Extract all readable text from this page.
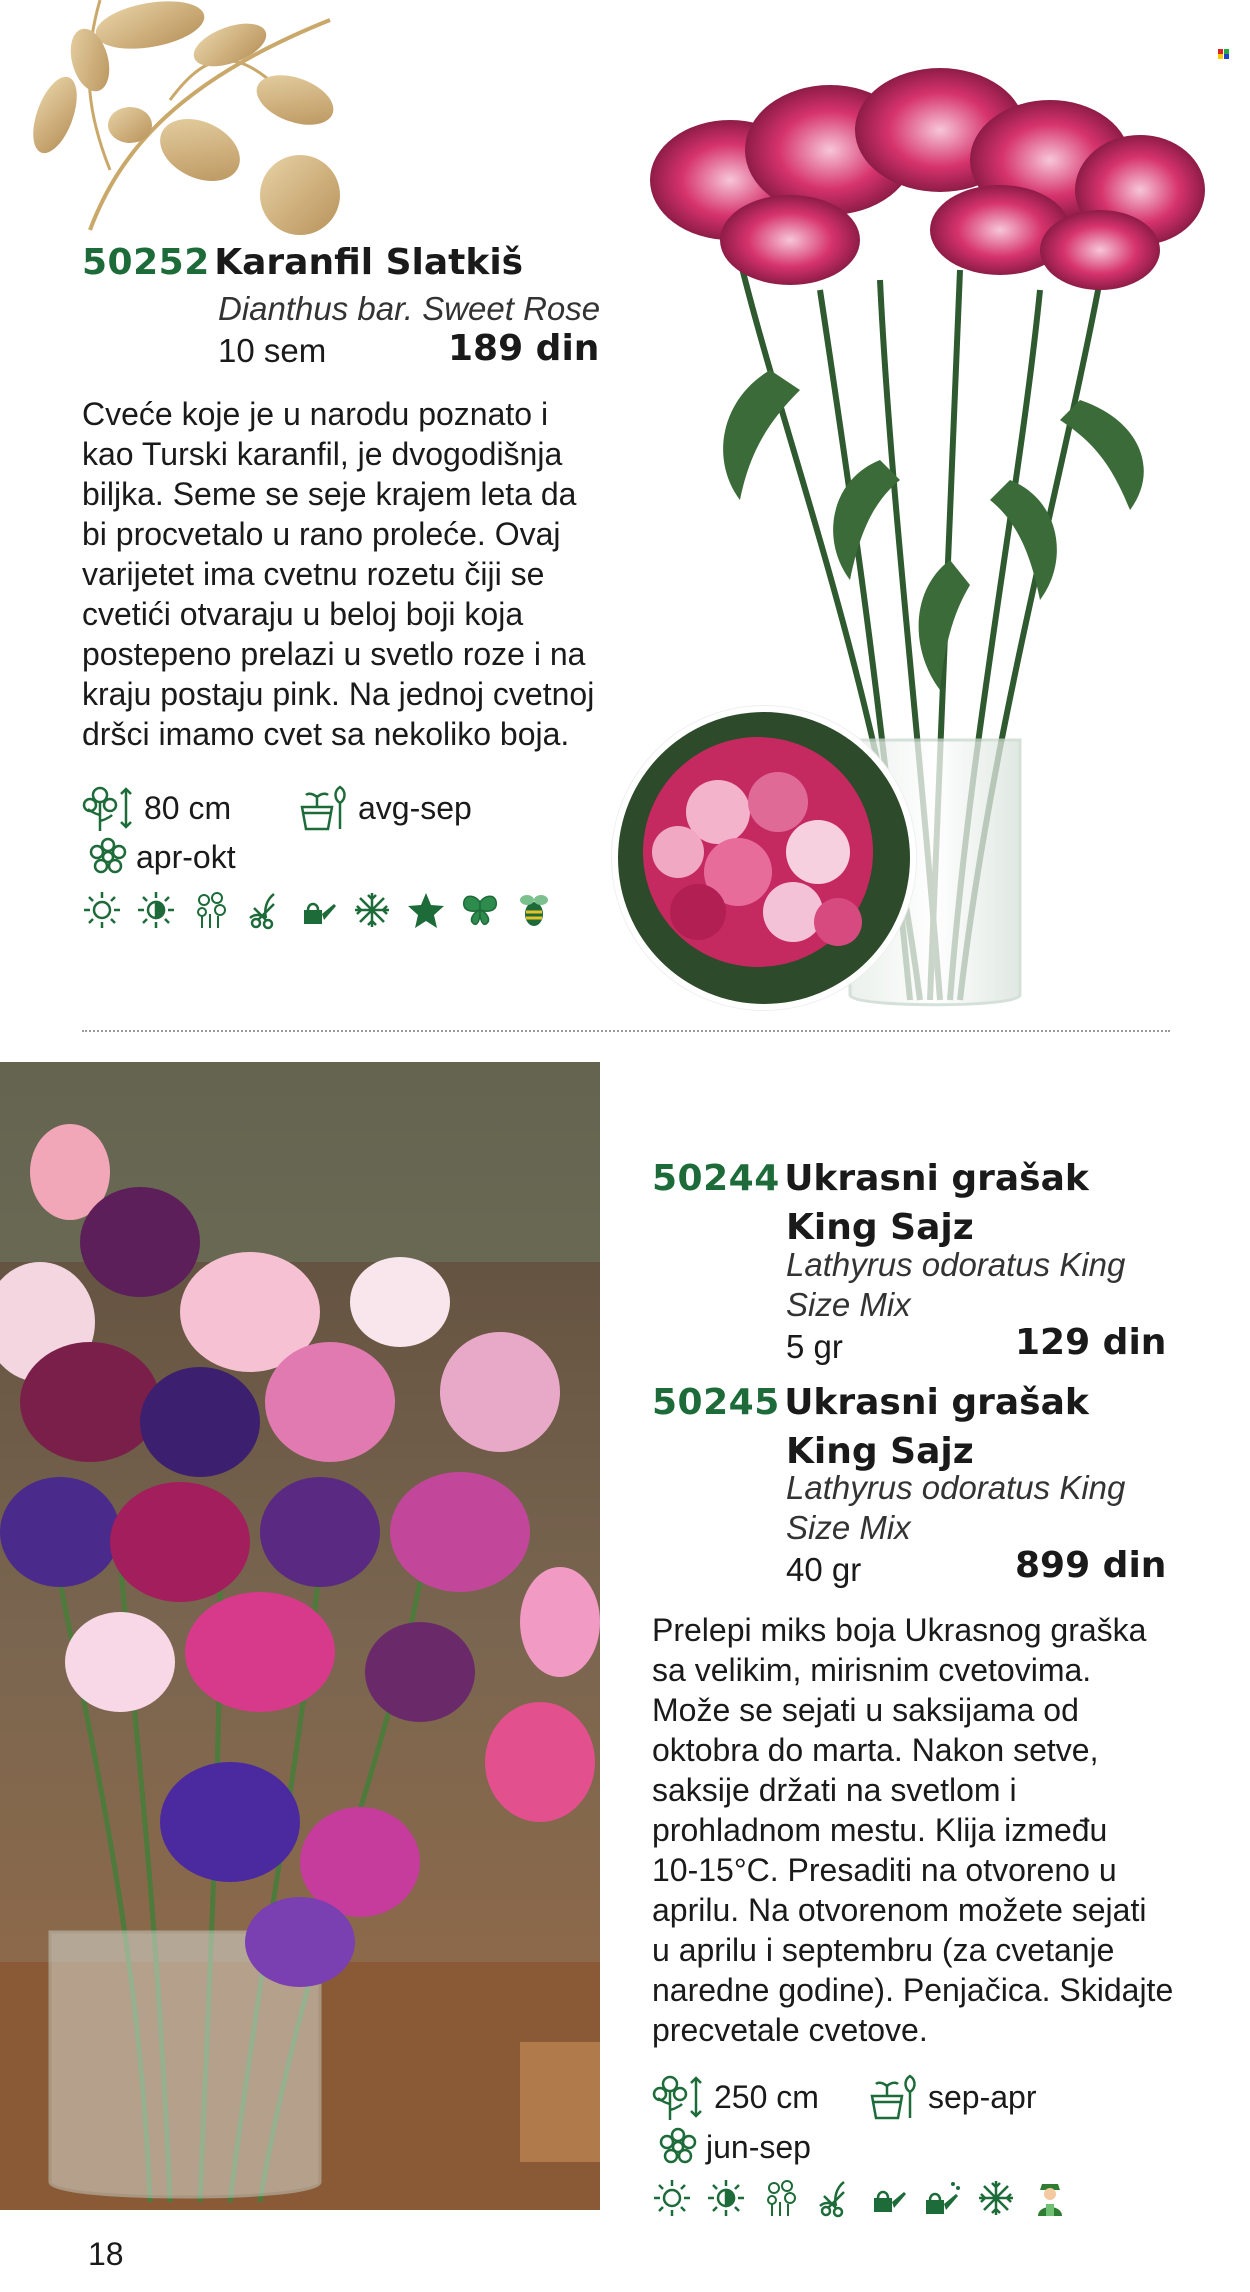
50252 Karanfil Slatkiš
Dianthus bar. Sweet Rose
10 sem	189 din
Cveće koje je u narodu poznato i
kao Turski karanfil, je dvogodišnja
biljka. Seme se seje krajem leta da
bi procvetalo u rano proleće. Ovaj
varijetet ima cvetnu rozetu čiji se
cvetići otvaraju u beloj boji koja
postepeno prelazi u svetlo roze i na
kraju postaju pink. Na jednoj cvetnoj
dršci imamo cvet sa nekoliko boja.
80 cm	avg-sep
apr-okt
50244 Ukrasni grašak
King Sajz
Lathyrus odoratus King
Size Mix
5 gr	129 din
50245 Ukrasni grašak
King Sajz
Lathyrus odoratus King
Size Mix
40 gr	899 din
Prelepi miks boja Ukrasnog graška
sa velikim, mirisnim cvetovima.
Može se sejati u saksijama od
oktobra do marta. Nakon setve,
saksije držati na svetlom i
prohladnom mestu. Klija između
10-15°C. Presaditi na otvoreno u
aprilu. Na otvorenom možete sejati
u aprilu i septembru (za cvetanje
naredne godine). Penjačica. Skidajte
precvetale cvetove.
250 cm	sep-apr
jun-sep
18
